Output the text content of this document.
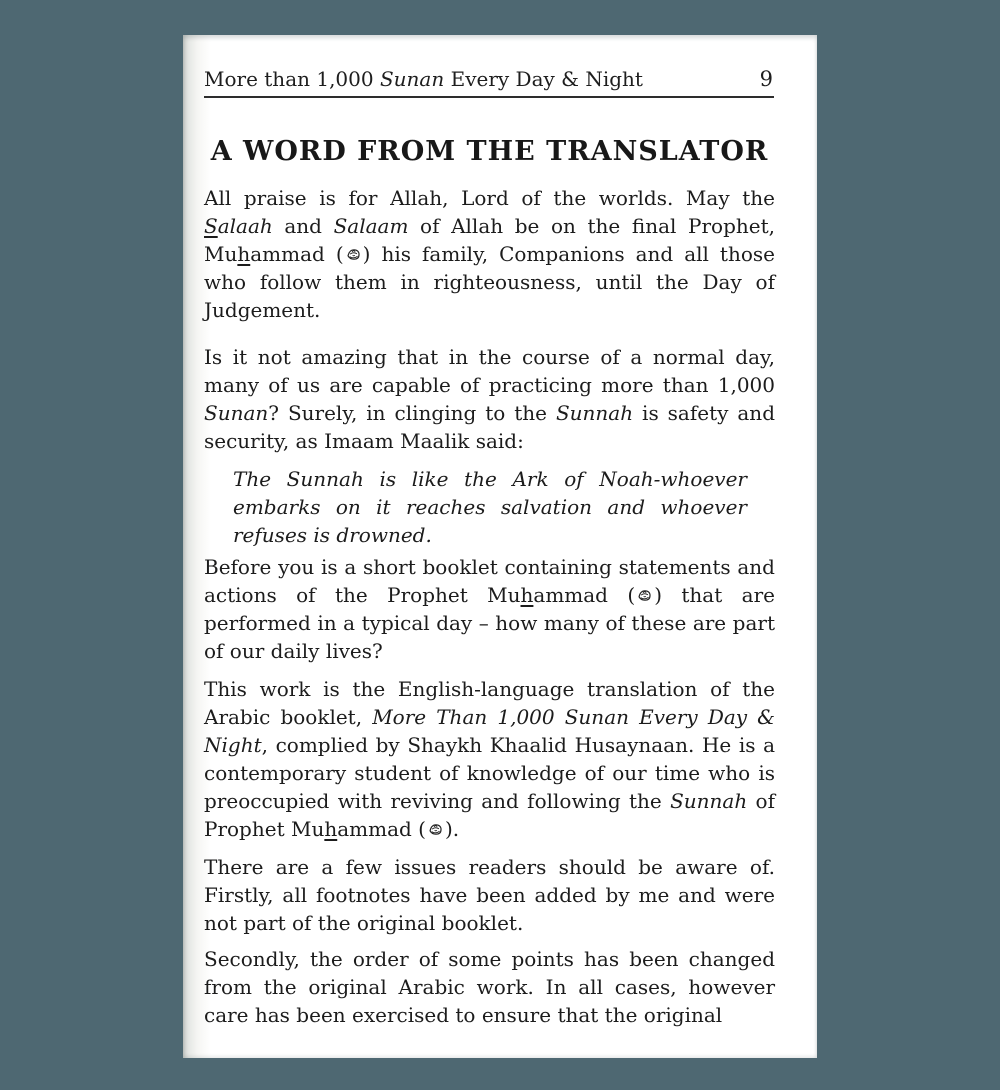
More than 1,000 Sunan Every Day & Night	9
A WORD FROM THE TRANSLATOR

All praise is for Allah, Lord of the worlds. May the Salaah and Salaam of Allah be on the final Prophet, Muhammad ( ) his family, Companions and all those who follow them in righteousness, until the Day of Judgement.

Is it not amazing that in the course of a normal day, many of us are capable of practicing more than 1,000 Sunan? Surely, in clinging to the Sunnah is safety and security, as Imaam Maalik said:

The Sunnah is like the Ark of Noah-whoever embarks on it reaches salvation and whoever refuses is drowned.

Before you is a short booklet containing statements and actions of the Prophet Muhammad ( ) that are performed in a typical day – how many of these are part of our daily lives?

This work is the English-language translation of the Arabic booklet, More Than 1,000 Sunan Every Day & Night, complied by Shaykh Khaalid Husaynaan. He is a contemporary student of knowledge of our time who is preoccupied with reviving and following the Sunnah of Prophet Muhammad ( ).

There are a few issues readers should be aware of. Firstly, all footnotes have been added by me and were not part of the original booklet.

Secondly, the order of some points has been changed from the original Arabic work. In all cases, however care has been exercised to ensure that the original
